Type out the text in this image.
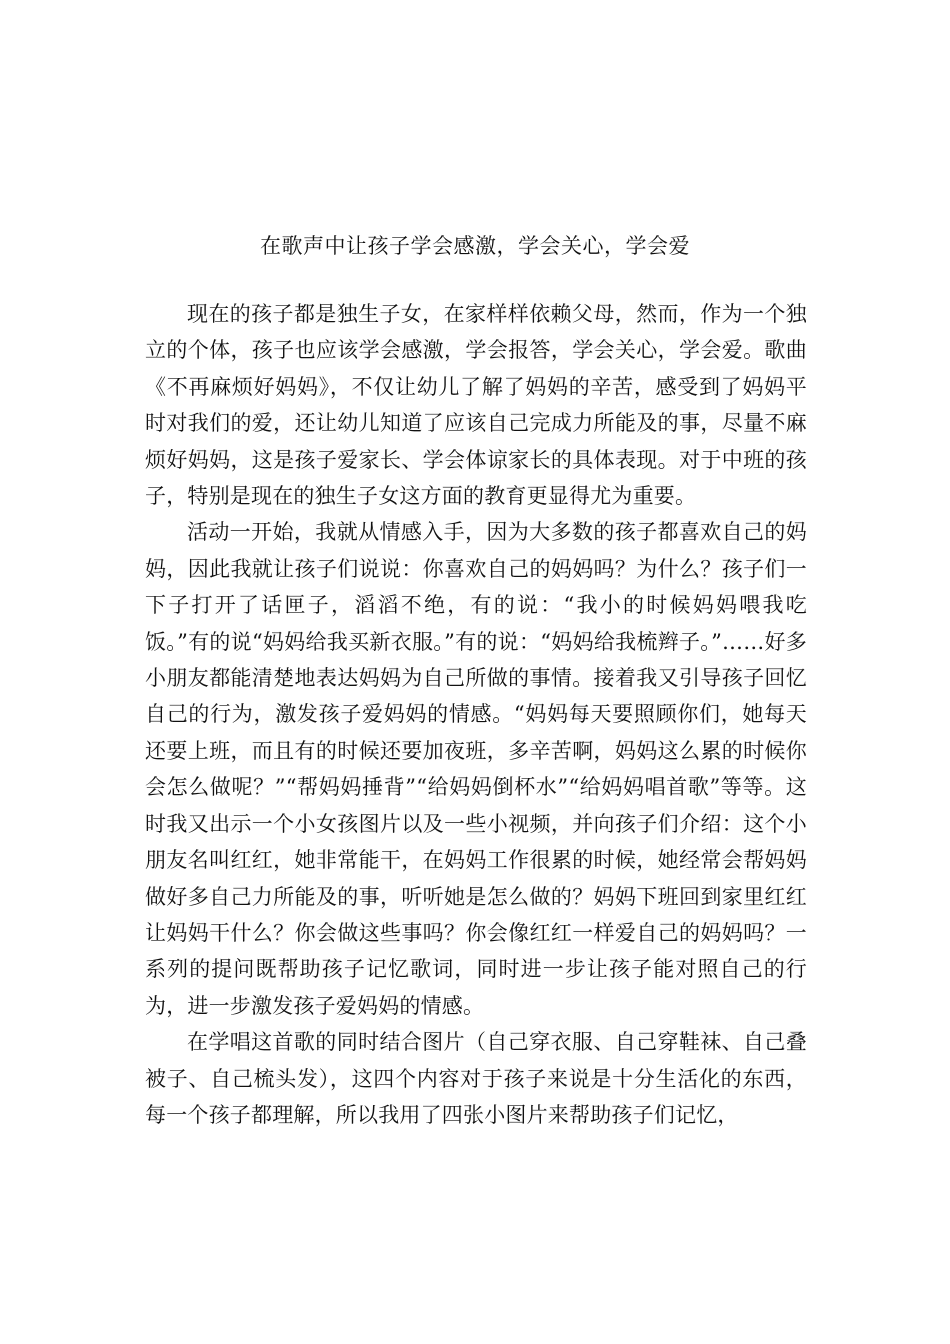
在歌声中让孩子学会感激，学会关心，学会爱

现在的孩子都是独生子女，在家样样依赖父母，然而，作为一个独立的个体，孩子也应该学会感激，学会报答，学会关心，学会爱。歌曲《不再麻烦好妈妈》，不仅让幼儿了解了妈妈的辛苦，感受到了妈妈平时对我们的爱，还让幼儿知道了应该自己完成力所能及的事，尽量不麻烦好妈妈，这是孩子爱家长、学会体谅家长的具体表现。对于中班的孩子，特别是现在的独生子女这方面的教育更显得尤为重要。

活动一开始，我就从情感入手，因为大多数的孩子都喜欢自己的妈妈，因此我就让孩子们说说：你喜欢自己的妈妈吗？为什么？孩子们一下子打开了话匣子，滔滔不绝，有的说：“我小的时候妈妈喂我吃饭。”有的说“妈妈给我买新衣服。”有的说：“妈妈给我梳辫子。”……好多小朋友都能清楚地表达妈妈为自己所做的事情。接着我又引导孩子回忆自己的行为，激发孩子爱妈妈的情感。“妈妈每天要照顾你们，她每天还要上班，而且有的时候还要加夜班，多辛苦啊，妈妈这么累的时候你会怎么做呢？”“帮妈妈捶背”“给妈妈倒杯水”“给妈妈唱首歌”等等。这时我又出示一个小女孩图片以及一些小视频，并向孩子们介绍：这个小朋友名叫红红，她非常能干，在妈妈工作很累的时候，她经常会帮妈妈做好多自己力所能及的事，听听她是怎么做的？妈妈下班回到家里红红让妈妈干什么？你会做这些事吗？你会像红红一样爱自己的妈妈吗？一系列的提问既帮助孩子记忆歌词，同时进一步让孩子能对照自己的行为，进一步激发孩子爱妈妈的情感。

在学唱这首歌的同时结合图片（自己穿衣服、自己穿鞋袜、自己叠被子、自己梳头发），这四个内容对于孩子来说是十分生活化的东西，每一个孩子都理解，所以我用了四张小图片来帮助孩子们记忆，
